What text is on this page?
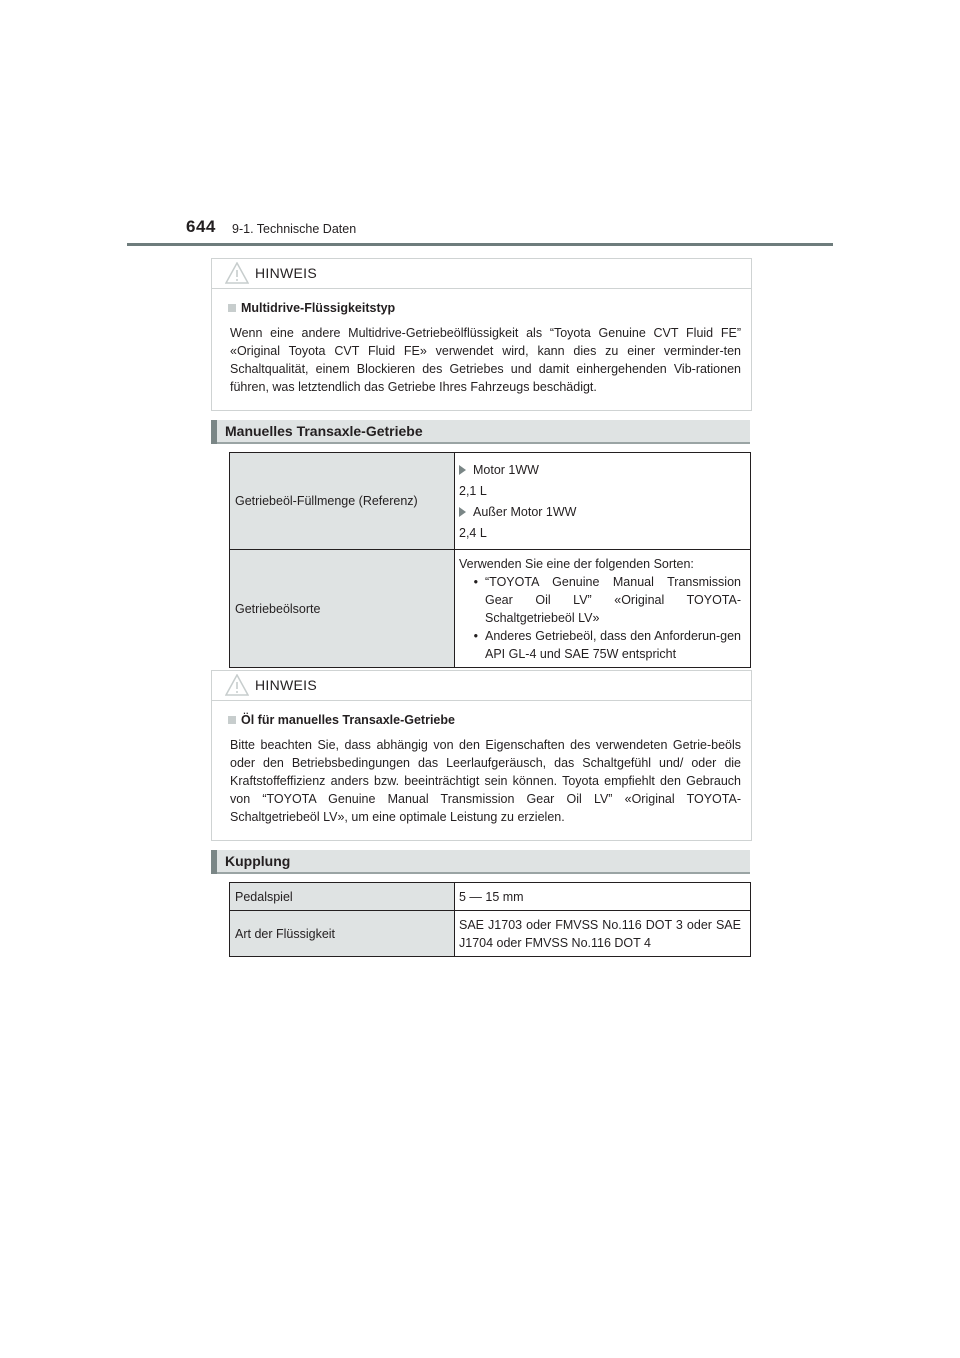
644 9-1. Technische Daten
HINWEIS
Multidrive-Flüssigkeitstyp
Wenn eine andere Multidrive-Getriebeölflüssigkeit als “Toyota Genuine CVT Fluid FE” «Original Toyota CVT Fluid FE» verwendet wird, kann dies zu einer verminder-ten Schaltqualität, einem Blockieren des Getriebes und damit einhergehenden Vib-rationen führen, was letztendlich das Getriebe Ihres Fahrzeugs beschädigt.
Manuelles Transaxle-Getriebe
Getriebeöl-Füllmenge (Referenz)	Motor 1WW
2,1 L
Außer Motor 1WW
2,4 L

Getriebeölsorte	Verwenden Sie eine der folgenden Sorten:
• “TOYOTA Genuine Manual Transmission Gear Oil LV” «Original TOYOTA-Schaltgetriebeöl LV»
• Anderes Getriebeöl, dass den Anforderun-gen API GL-4 und SAE 75W entspricht
HINWEIS
Öl für manuelles Transaxle-Getriebe
Bitte beachten Sie, dass abhängig von den Eigenschaften des verwendeten Getrie-beöls oder den Betriebsbedingungen das Leerlaufgeräusch, das Schaltgefühl und/ oder die Kraftstoffeffizienz anders bzw. beeinträchtigt sein können. Toyota empfiehlt den Gebrauch von “TOYOTA Genuine Manual Transmission Gear Oil LV” «Original TOYOTA-Schaltgetriebeöl LV», um eine optimale Leistung zu erzielen.
Kupplung
Pedalspiel	5 — 15 mm
Art der Flüssigkeit	SAE J1703 oder FMVSS No.116 DOT 3 oder SAE J1704 oder FMVSS No.116 DOT 4
